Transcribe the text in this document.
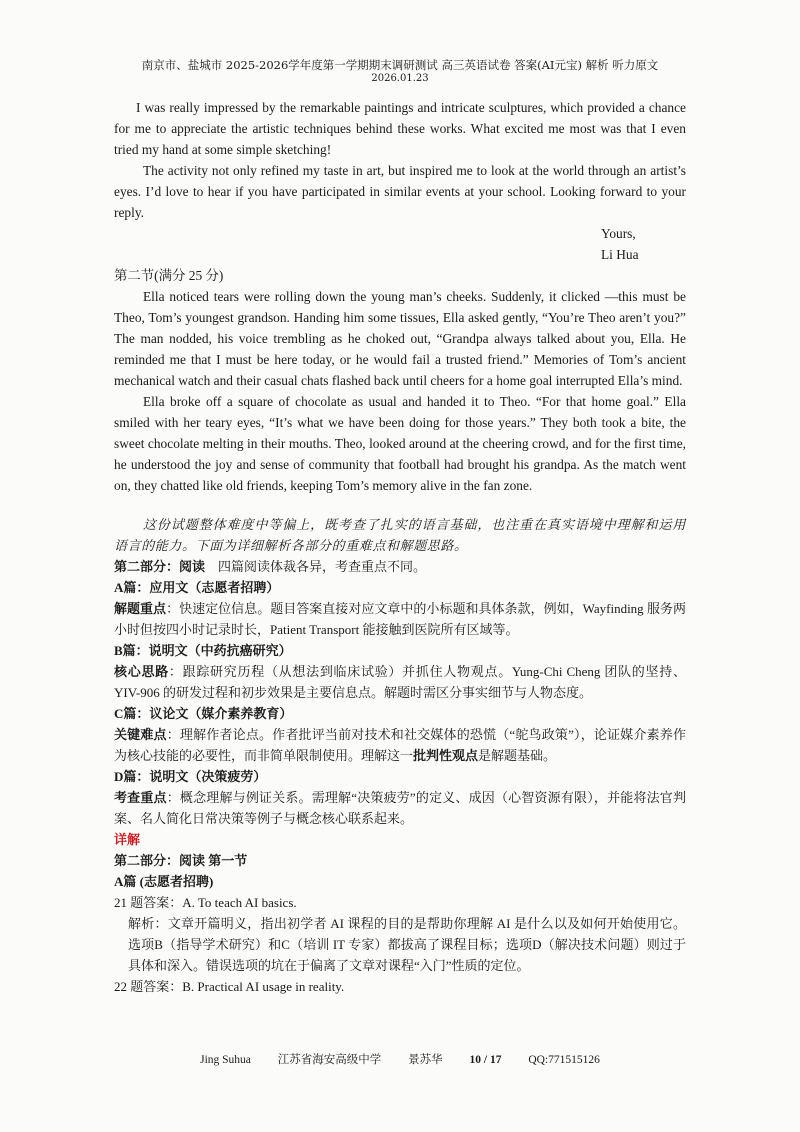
南京市、盐城市 2025-2026学年度第一学期期末调研测试 高三英语试卷 答案(AI元宝) 解析 听力原文
2026.01.23

I was really impressed by the remarkable paintings and intricate sculptures, which provided a chance for me to appreciate the artistic techniques behind these works. What excited me most was that I even tried my hand at some simple sketching!

The activity not only refined my taste in art, but inspired me to look at the world through an artist’s eyes. I’d love to hear if you have participated in similar events at your school. Looking forward to your reply.

Yours,

Li Hua

第二节(满分 25 分)

Ella noticed tears were rolling down the young man’s cheeks. Suddenly, it clicked —this must be Theo, Tom’s youngest grandson. Handing him some tissues, Ella asked gently, “You’re Theo aren’t you?” The man nodded, his voice trembling as he choked out, “Grandpa always talked about you, Ella. He reminded me that I must be here today, or he would fail a trusted friend.” Memories of Tom’s ancient mechanical watch and their casual chats flashed back until cheers for a home goal interrupted Ella’s mind.

Ella broke off a square of chocolate as usual and handed it to Theo. “For that home goal.” Ella smiled with her teary eyes, “It’s what we have been doing for those years.” They both took a bite, the sweet chocolate melting in their mouths. Theo, looked around at the cheering crowd, and for the first time, he understood the joy and sense of community that football had brought his grandpa. As the match went on, they chatted like old friends, keeping Tom’s memory alive in the fan zone.

这份试题整体难度中等偏上，既考查了扎实的语言基础，也注重在真实语境中理解和运用语言的能力。下面为详细解析各部分的重难点和解题思路。

第二部分：阅读　四篇阅读体裁各异，考查重点不同。

A篇：应用文（志愿者招聘）

解题重点：快速定位信息。题目答案直接对应文章中的小标题和具体条款，例如，Wayfinding 服务两小时但按四小时记录时长，Patient Transport 能接触到医院所有区域等。

B篇：说明文（中药抗癌研究）

核心思路：跟踪研究历程（从想法到临床试验）并抓住人物观点。Yung-Chi Cheng 团队的坚持、YIV-906 的研发过程和初步效果是主要信息点。解题时需区分事实细节与人物态度。

C篇：议论文（媒介素养教育）

关键难点：理解作者论点。作者批评当前对技术和社交媒体的恐慌（“鸵鸟政策”），论证媒介素养作为核心技能的必要性，而非简单限制使用。理解这一批判性观点是解题基础。

D篇：说明文（决策疲劳）

考查重点：概念理解与例证关系。需理解“决策疲劳”的定义、成因（心智资源有限），并能将法官判案、名人简化日常决策等例子与概念核心联系起来。

详解

第二部分：阅读 第一节

A篇 (志愿者招聘)

21 题答案：A. To teach AI basics.

解析：文章开篇明义，指出初学者 AI 课程的目的是帮助你理解 AI 是什么以及如何开始使用它。选项B（指导学术研究）和C（培训 IT 专家）都拔高了课程目标；选项D（解决技术问题）则过于具体和深入。错误选项的坑在于偏离了文章对课程“入门”性质的定位。

22 题答案：B. Practical AI usage in reality.

Jing Suhua 江苏省海安高级中学 景苏华 10 / 17 QQ:771515126
